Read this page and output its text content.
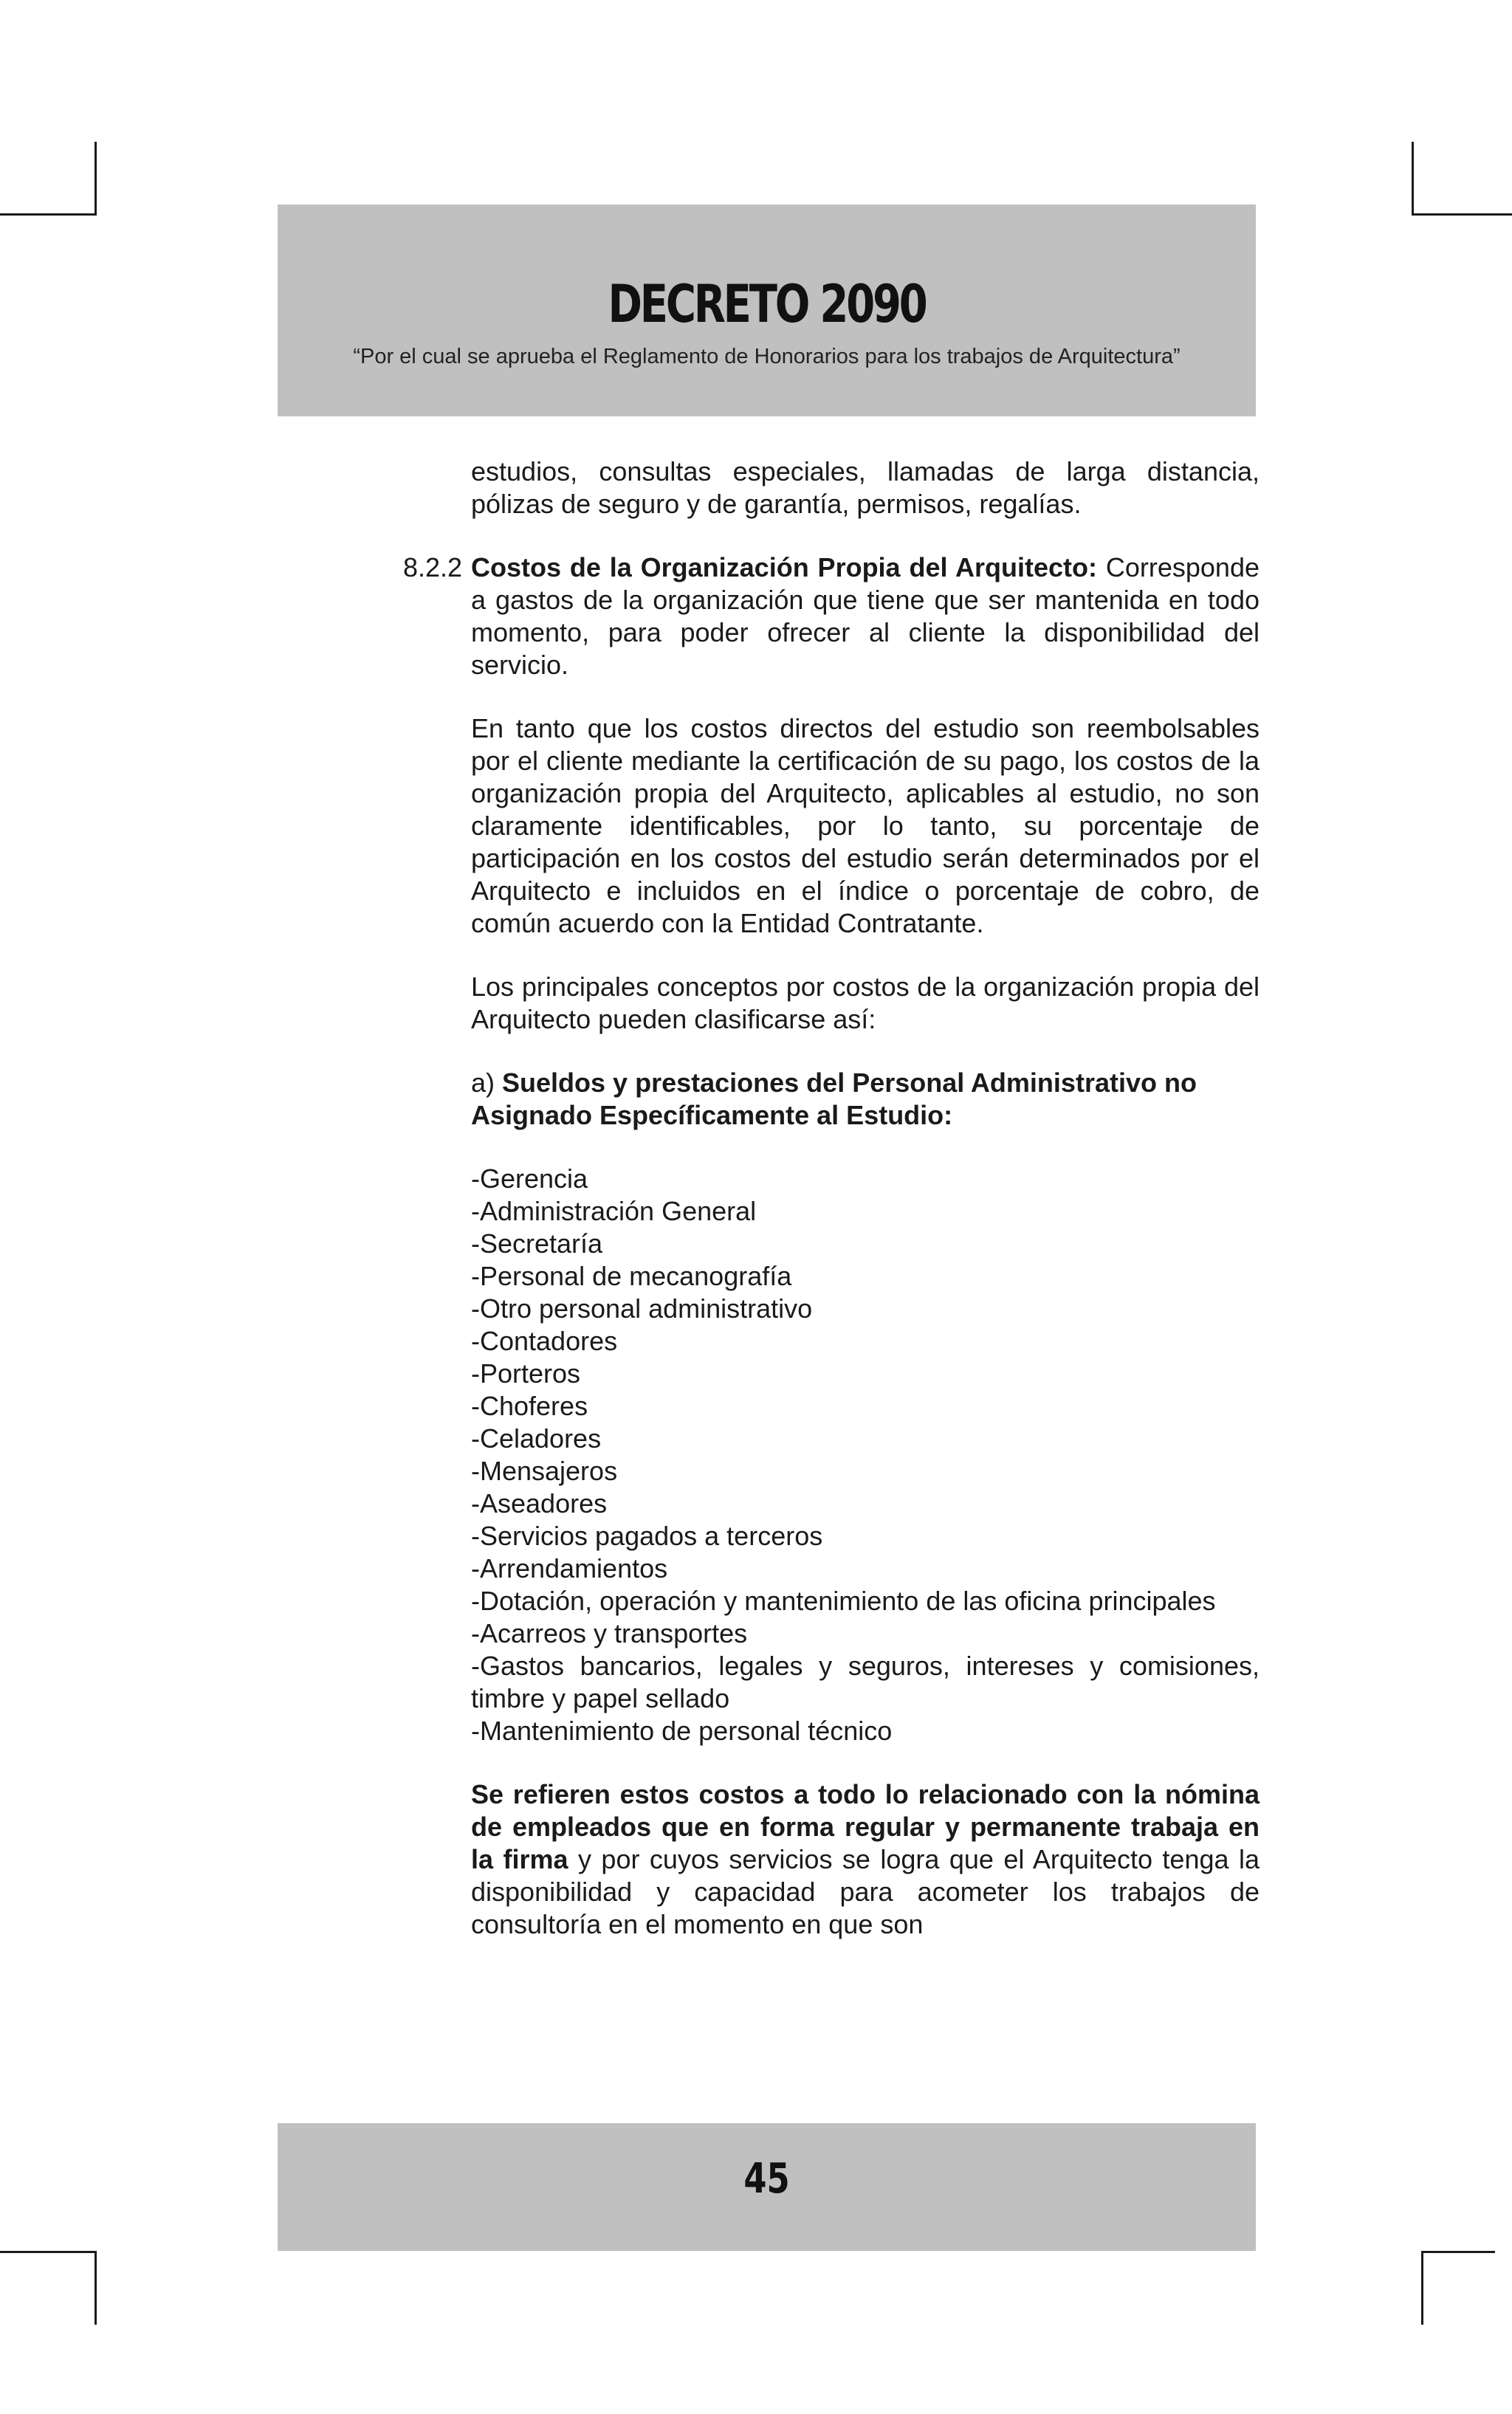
DECRETO 2090
“Por el cual se aprueba el Reglamento de Honorarios para los trabajos de Arquitectura”

estudios, consultas especiales, llamadas de larga distancia, pólizas de seguro y de garantía, permisos, regalías.

8.2.2 Costos de la Organización Propia del Arquitecto: Corresponde a gastos de la organización que tiene que ser mantenida en todo momento, para poder ofrecer al cliente la disponibilidad del servicio.

En tanto que los costos directos del estudio son reembolsables por el cliente mediante la certificación de su pago, los costos de la organización propia del Arquitecto, aplicables al estudio, no son claramente identificables, por lo tanto, su porcentaje de participación en los costos del estudio serán determinados por el Arquitecto e incluidos en el índice o porcentaje de cobro, de común acuerdo con la Entidad Contratante.

Los principales conceptos por costos de la organización propia del Arquitecto pueden clasificarse así:

a) Sueldos y prestaciones del Personal Administrativo no Asignado Específicamente al Estudio:

-Gerencia
-Administración General
-Secretaría
-Personal de mecanografía
-Otro personal administrativo
-Contadores
-Porteros
-Choferes
-Celadores
-Mensajeros
-Aseadores
-Servicios pagados a terceros
-Arrendamientos
-Dotación, operación y mantenimiento de las oficina principales
-Acarreos y transportes
-Gastos bancarios, legales y seguros, intereses y comisiones, timbre y papel sellado
-Mantenimiento de personal técnico

Se refieren estos costos a todo lo relacionado con la nómina de empleados que en forma regular y permanente trabaja en la firma y por cuyos servicios se logra que el Arquitecto tenga la disponibilidad y capacidad para acometer los trabajos de consultoría en el momento en que son

45
